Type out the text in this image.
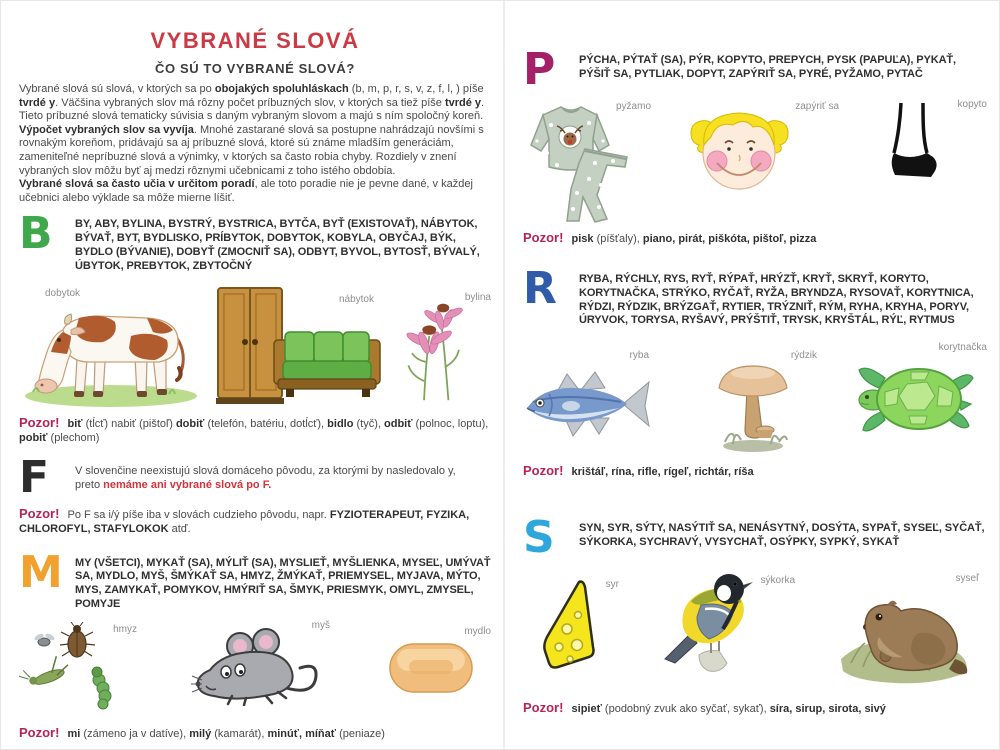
VYBRANÉ SLOVÁ
ČO SÚ TO VYBRANÉ SLOVÁ?

Vybrané slová sú slová, v ktorých sa po obojakých spoluhláskach (b, m, p, r, s, v, z, f, l, ) píše tvrdé y. Väčšina vybraných slov má rôzny počet príbuzných slov, v ktorých sa tiež píše tvrdé y. Tieto príbuzné slová tematicky súvisia s daným vybraným slovom a majú s ním spoločný koreň. Výpočet vybraných slov sa vyvíja. Mnohé zastarané slová sa postupne nahrádzajú novšími s rovnakým koreňom, pridávajú sa aj príbuzné slová, ktoré sú známe mladším generáciám, zameniteľné nepríbuzné slová a výnimky, v ktorých sa často robia chyby. Rozdiely v znení vybraných slov môžu byť aj medzi rôznymi učebnicami z toho istého obdobia.
Vybrané slová sa často učia v určitom poradí, ale toto poradie nie je pevne dané, v každej učebnici alebo výklade sa môže mierne líšiť.

B	BY, ABY, BYLINA, BYSTRÝ, BYSTRICA, BYTČA, BYŤ (EXISTOVAŤ), NÁBYTOK, BÝVAŤ, BYT, BYDLISKO, PRÍBYTOK, DOBYTOK, KOBYLA, OBYČAJ, BÝK, BYDLO (BÝVANIE), DOBYŤ (ZMOCNIŤ SA), ODBYT, BYVOL, BYTOSŤ, BÝVALÝ, ÚBYTOK, PREBYTOK, ZBYTOČNÝ

dobytok
nábytok	bylina

Pozor! biť (tĺcť) nabiť (pištoľ) dobiť (telefón, batériu, dotĺcť), bidlo (tyč), odbiť (polnoc, loptu), pobiť (plechom)

F	V slovenčine neexistujú slová domáceho pôvodu, za ktorými by nasledovalo y,
preto nemáme ani vybrané slová po F.

Pozor! Po F sa i/ý píše iba v slovách cudzieho pôvodu, napr. FYZIOTERAPEUT, FYZIKA, CHLOROFYL, STAFYLOKOK atď.

M MY (VŠETCI), MYKAŤ (SA), MÝLIŤ (SA), MYSLIEŤ, MYŠLIENKA, MYSEĽ, UMÝVAŤ SA, MYDLO, MYŠ, ŠMÝKAŤ SA, HMYZ, ŽMÝKAŤ, PRIEMYSEL, MYJAVA, MÝTO, MYS, ZAMYKAŤ, POMYKOV, HMÝRIŤ SA, ŠMYK, PRIESMYK, OMYL, ZMYSEL, POMYJE

hmyz	myš
mydlo

Pozor! mi (zámeno ja v datíve), milý (kamarát), minúť, míňať (peniaze)

P	PÝCHA, PÝTAŤ (SA), PÝR, KOPYTO, PREPYCH, PYSK (PAPUĽA), PYKAŤ, PÝŠIŤ SA, PYTLIAK, DOPYT, ZAPÝRIŤ SA, PYRÉ, PYŽAMO, PYTAČ

pyžamo	zapýriť sa	kopyto

Pozor! pisk (píšťaly), piano, pirát, piškóta, pištoľ, pizza

R	RYBA, RÝCHLY, RYS, RYŤ, RÝPAŤ, HRÝZŤ, KRYŤ, SKRYŤ, KORYTO, KORYTNAČKA, STRÝKO, RYČAŤ, RYŽA, BRYNDZA, RYSOVAŤ, KORYTNICA, RÝDZI, RÝDZIK, BRÝZGAŤ, RYTIER, TRÝZNIŤ, RÝM, RYHA, KRYHA, PORYV, ÚRYVOK, TORYSA, RYŠAVÝ, PRÝŠTIŤ, TRYSK, KRYŠTÁL, RÝĽ, RYTMUS

ryba	rýdzik
korytnačka

Pozor! krištáľ, rína, rifle, rígeľ, richtár, ríša

S	SYN, SYR, SÝTY, NASÝTIŤ SA, NENÁSYTNÝ, DOSÝTA, SYPAŤ, SYSEĽ, SYČAŤ, SÝKORKA, SYCHRAVÝ, VYSYCHAŤ, OSÝPKY, SYPKÝ, SYKAŤ

syr	sýkorka	syseľ

Pozor! sipieť (podobný zvuk ako syčať, sykať), síra, sirup, sirota, sivý
